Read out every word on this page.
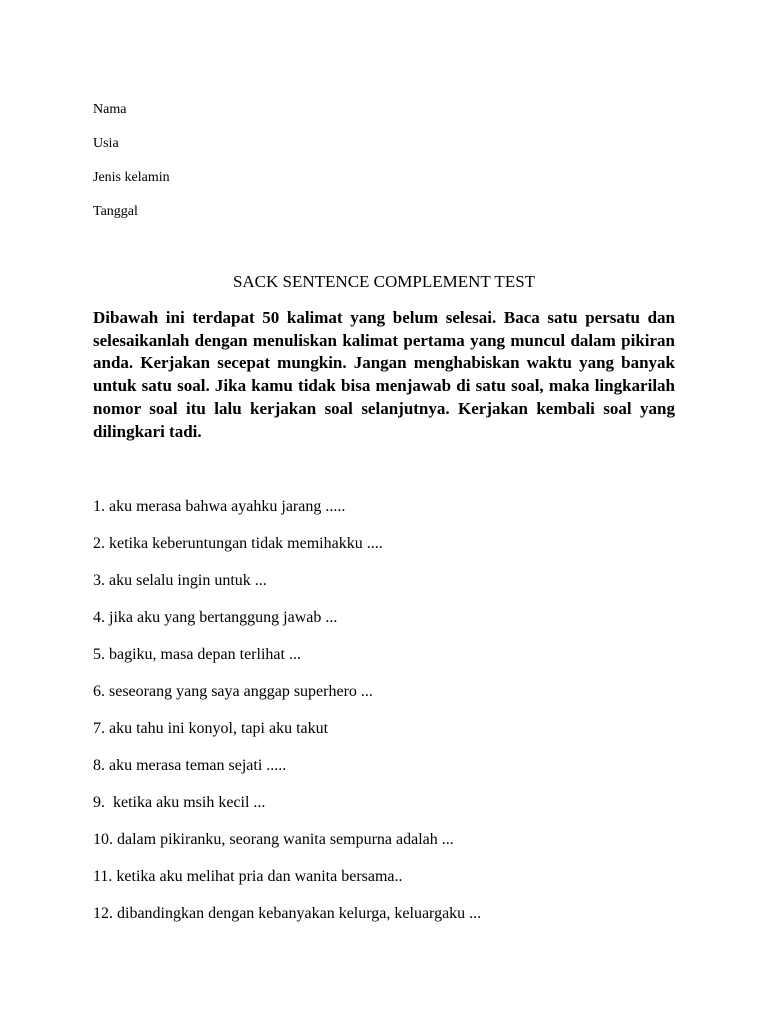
Nama

Usia

Jenis kelamin

Tanggal

SACK SENTENCE COMPLEMENT TEST

Dibawah ini terdapat 50 kalimat yang belum selesai. Baca satu persatu dan selesaikanlah dengan menuliskan kalimat pertama yang muncul dalam pikiran anda. Kerjakan secepat mungkin. Jangan menghabiskan waktu yang banyak untuk satu soal. Jika kamu tidak bisa menjawab di satu soal, maka lingkarilah nomor soal itu lalu kerjakan soal selanjutnya. Kerjakan kembali soal yang dilingkari tadi.

1. aku merasa bahwa ayahku jarang .....
2. ketika keberuntungan tidak memihakku ....
3. aku selalu ingin untuk ...
4. jika aku yang bertanggung jawab ...
5. bagiku, masa depan terlihat ...
6. seseorang yang saya anggap superhero ...
7. aku tahu ini konyol, tapi aku takut
8. aku merasa teman sejati .....
9.  ketika aku msih kecil ...
10. dalam pikiranku, seorang wanita sempurna adalah ...
11. ketika aku melihat pria dan wanita bersama..
12. dibandingkan dengan kebanyakan kelurga, keluargaku ...
